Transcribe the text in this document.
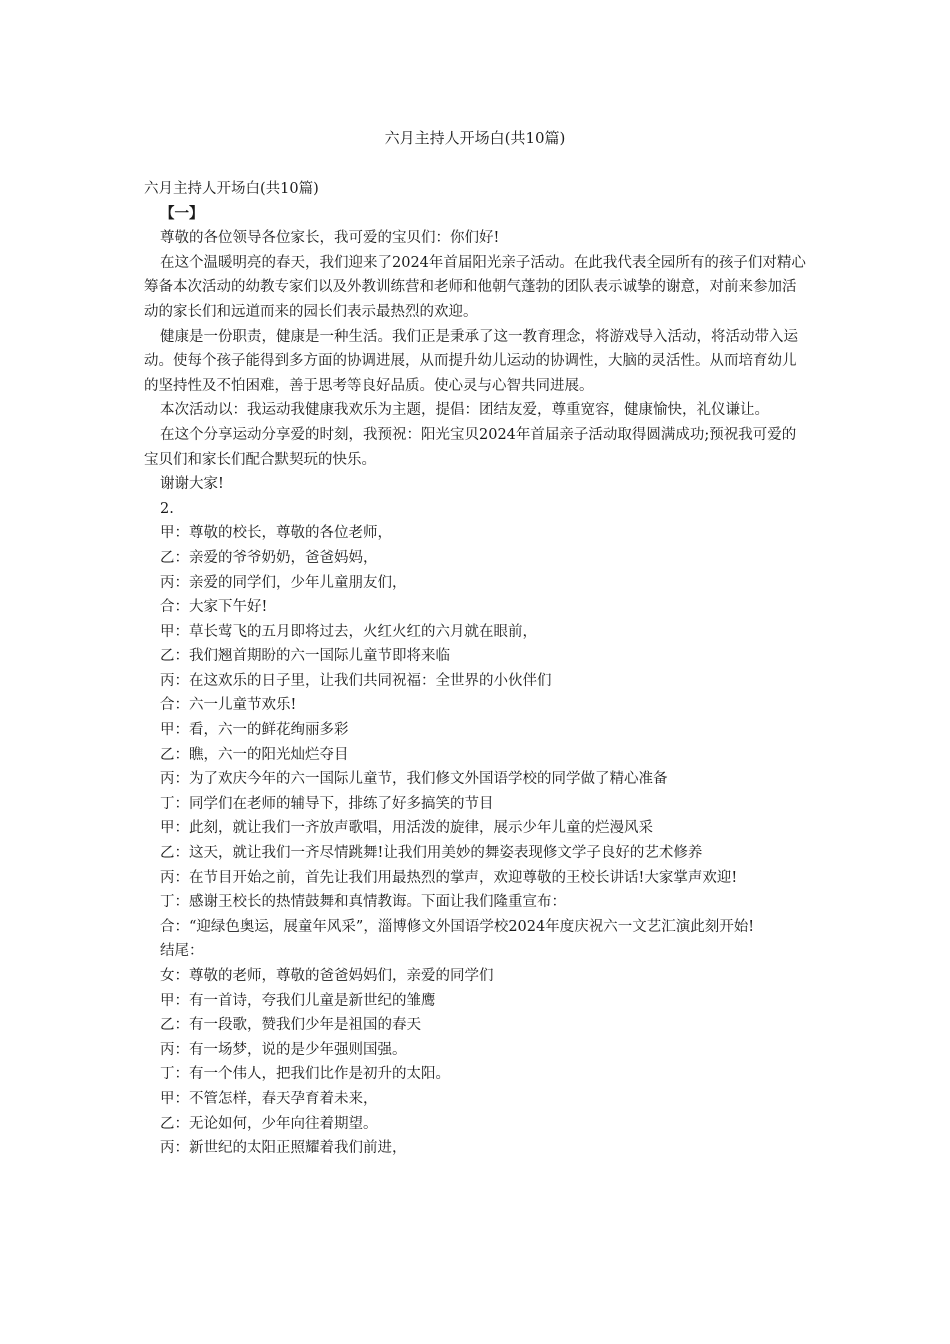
六月主持人开场白(共10篇)

六月主持人开场白(共10篇)

【一】

尊敬的各位领导各位家长，我可爱的宝贝们：你们好!

在这个温暖明亮的春天，我们迎来了2024年首届阳光亲子活动。在此我代表全园所有的孩子们对精心筹备本次活动的幼教专家们以及外教训练营和老师和他朝气蓬勃的团队表示诚挚的谢意，对前来参加活动的家长们和远道而来的园长们表示最热烈的欢迎。

健康是一份职责，健康是一种生活。我们正是秉承了这一教育理念，将游戏导入活动，将活动带入运动。使每个孩子能得到多方面的协调进展，从而提升幼儿运动的协调性，大脑的灵活性。从而培育幼儿的坚持性及不怕困难，善于思考等良好品质。使心灵与心智共同进展。

本次活动以：我运动我健康我欢乐为主题，提倡：团结友爱，尊重宽容，健康愉快，礼仪谦让。

在这个分享运动分享爱的时刻，我预祝：阳光宝贝2024年首届亲子活动取得圆满成功;预祝我可爱的宝贝们和家长们配合默契玩的快乐。

谢谢大家!

2.

甲：尊敬的校长，尊敬的各位老师，

乙：亲爱的爷爷奶奶，爸爸妈妈，

丙：亲爱的同学们，少年儿童朋友们，

合：大家下午好!

甲：草长莺飞的五月即将过去，火红火红的六月就在眼前，

乙：我们翘首期盼的六一国际儿童节即将来临

丙：在这欢乐的日子里，让我们共同祝福：全世界的小伙伴们

合：六一儿童节欢乐!

甲：看，六一的鲜花绚丽多彩

乙：瞧，六一的阳光灿烂夺目

丙：为了欢庆今年的六一国际儿童节，我们修文外国语学校的同学做了精心准备

丁：同学们在老师的辅导下，排练了好多搞笑的节目

甲：此刻，就让我们一齐放声歌唱，用活泼的旋律，展示少年儿童的烂漫风采

乙：这天，就让我们一齐尽情跳舞!让我们用美妙的舞姿表现修文学子良好的艺术修养

丙：在节目开始之前，首先让我们用最热烈的掌声，欢迎尊敬的王校长讲话!大家掌声欢迎!

丁：感谢王校长的热情鼓舞和真情教诲。下面让我们隆重宣布：

合：“迎绿色奥运，展童年风采”，淄博修文外国语学校2024年度庆祝六一文艺汇演此刻开始!

结尾：

女：尊敬的老师，尊敬的爸爸妈妈们，亲爱的同学们

甲：有一首诗，夸我们儿童是新世纪的雏鹰

乙：有一段歌，赞我们少年是祖国的春天

丙：有一场梦，说的是少年强则国强。

丁：有一个伟人，把我们比作是初升的太阳。

甲：不管怎样，春天孕育着未来，

乙：无论如何，少年向往着期望。

丙：新世纪的太阳正照耀着我们前进，
